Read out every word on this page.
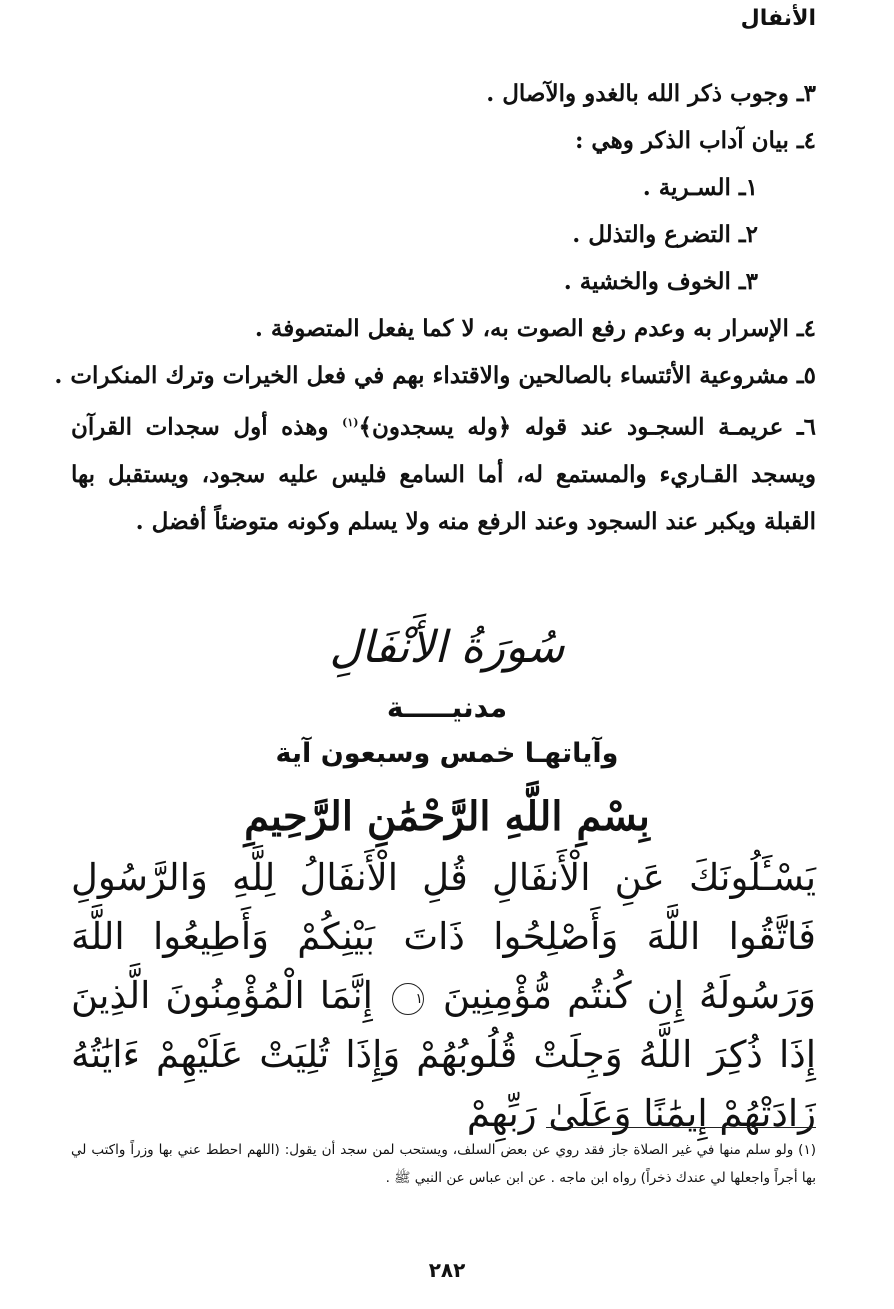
الأنفال
٣ـ وجوب ذكر الله بالغدو والآصال .
٤ـ بيان آداب الذكر وهي :
١ـ السـرية .
٢ـ التضرع والتذلل .
٣ـ الخوف والخشية .
٤ـ الإسرار به وعدم رفع الصوت به، لا كما يفعل المتصوفة .
٥ـ مشروعية الأئتساء بالصالحين والاقتداء بهم في فعل الخيرات وترك المنكرات .
٦ـ عريمـة السجـود عند قوله ﴿وله يسجدون﴾$^{(١)}$ وهذه أول سجدات القرآن ويسجد القـاريء والمستمع له، أما السامع فليس عليه سجود، ويستقبل بها القبلة ويكبر عند السجود وعند الرفع منه ولا يسلم وكونه متوضئاً أفضل .
سُورَةُ الأَنْفَالِ
مدنيـــــة
وآياتهـا خمس وسبعون آية
بِسْمِ اللَّهِ الرَّحْمَٰنِ الرَّحِيمِ
يَسْـَٔلُونَكَ عَنِ الْأَنفَالِ قُلِ الْأَنفَالُ لِلَّهِ وَالرَّسُولِ فَاتَّقُوا اللَّهَ وَأَصْلِحُوا ذَاتَ بَيْنِكُمْ وَأَطِيعُوا اللَّهَ وَرَسُولَهُ إِن كُنتُم مُّؤْمِنِينَ ١ إِنَّمَا الْمُؤْمِنُونَ الَّذِينَ إِذَا ذُكِرَ اللَّهُ وَجِلَتْ قُلُوبُهُمْ وَإِذَا تُلِيَتْ عَلَيْهِمْ ءَايَٰتُهُ زَادَتْهُمْ إِيمَٰنًا وَعَلَىٰ رَبِّهِمْ
(١) ولو سلم منها في غير الصلاة جاز فقد روي عن بعض السلف، ويستحب لمن سجد أن يقول: (اللهم احطط عني بها وزراً واكتب لي بها أجراً واجعلها لي عندك ذخراً) رواه ابن ماجه . عن ابن عباس عن النبي ﷺ .
٢٨٢
